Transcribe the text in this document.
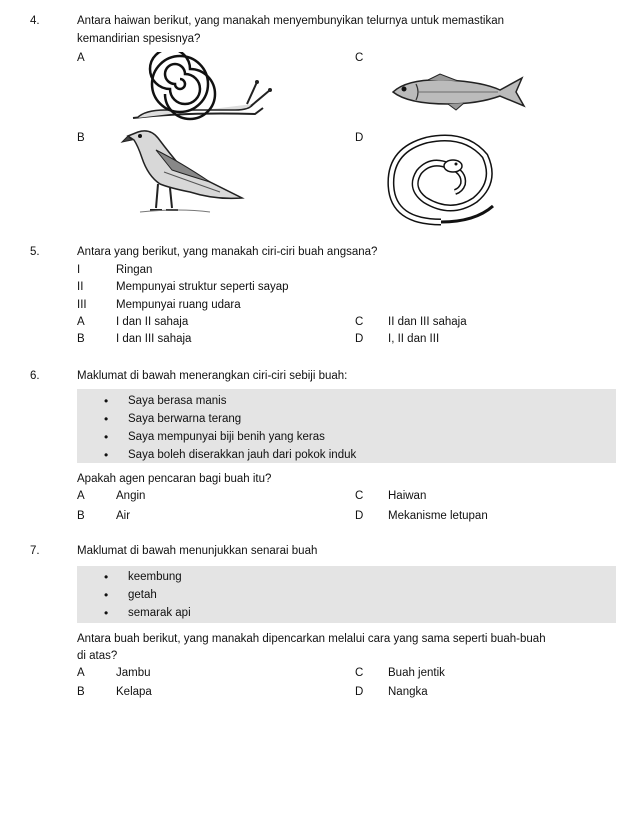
4.	Antara haiwan berikut, yang manakah menyembunyikan telurnya untuk memastikan
kemandirian spesisnya?
A	C
B	D
5.	Antara yang berikut, yang manakah ciri-ciri buah angsana?
I	Ringan
II	Mempunyai struktur seperti sayap
III	Mempunyai ruang udara
A	I dan II sahaja	C II dan III sahaja
B	I dan III sahaja	D I, II dan III
6.	Maklumat di bawah menerangkan ciri-ciri sebiji buah:
• Saya berasa manis
• Saya berwarna terang
• Saya mempunyai biji benih yang keras
• Saya boleh diserakkan jauh dari pokok induk
Apakah agen pencaran bagi buah itu?
A	Angin	C Haiwan
B	Air	D Mekanisme letupan
7.	Maklumat di bawah menunjukkan senarai buah
• keembung
• getah
• semarak api
Antara buah berikut, yang manakah dipencarkan melalui cara yang sama seperti buah-buah
di atas?
A	Jambu	C Buah jentik
B	Kelapa	D Nangka
